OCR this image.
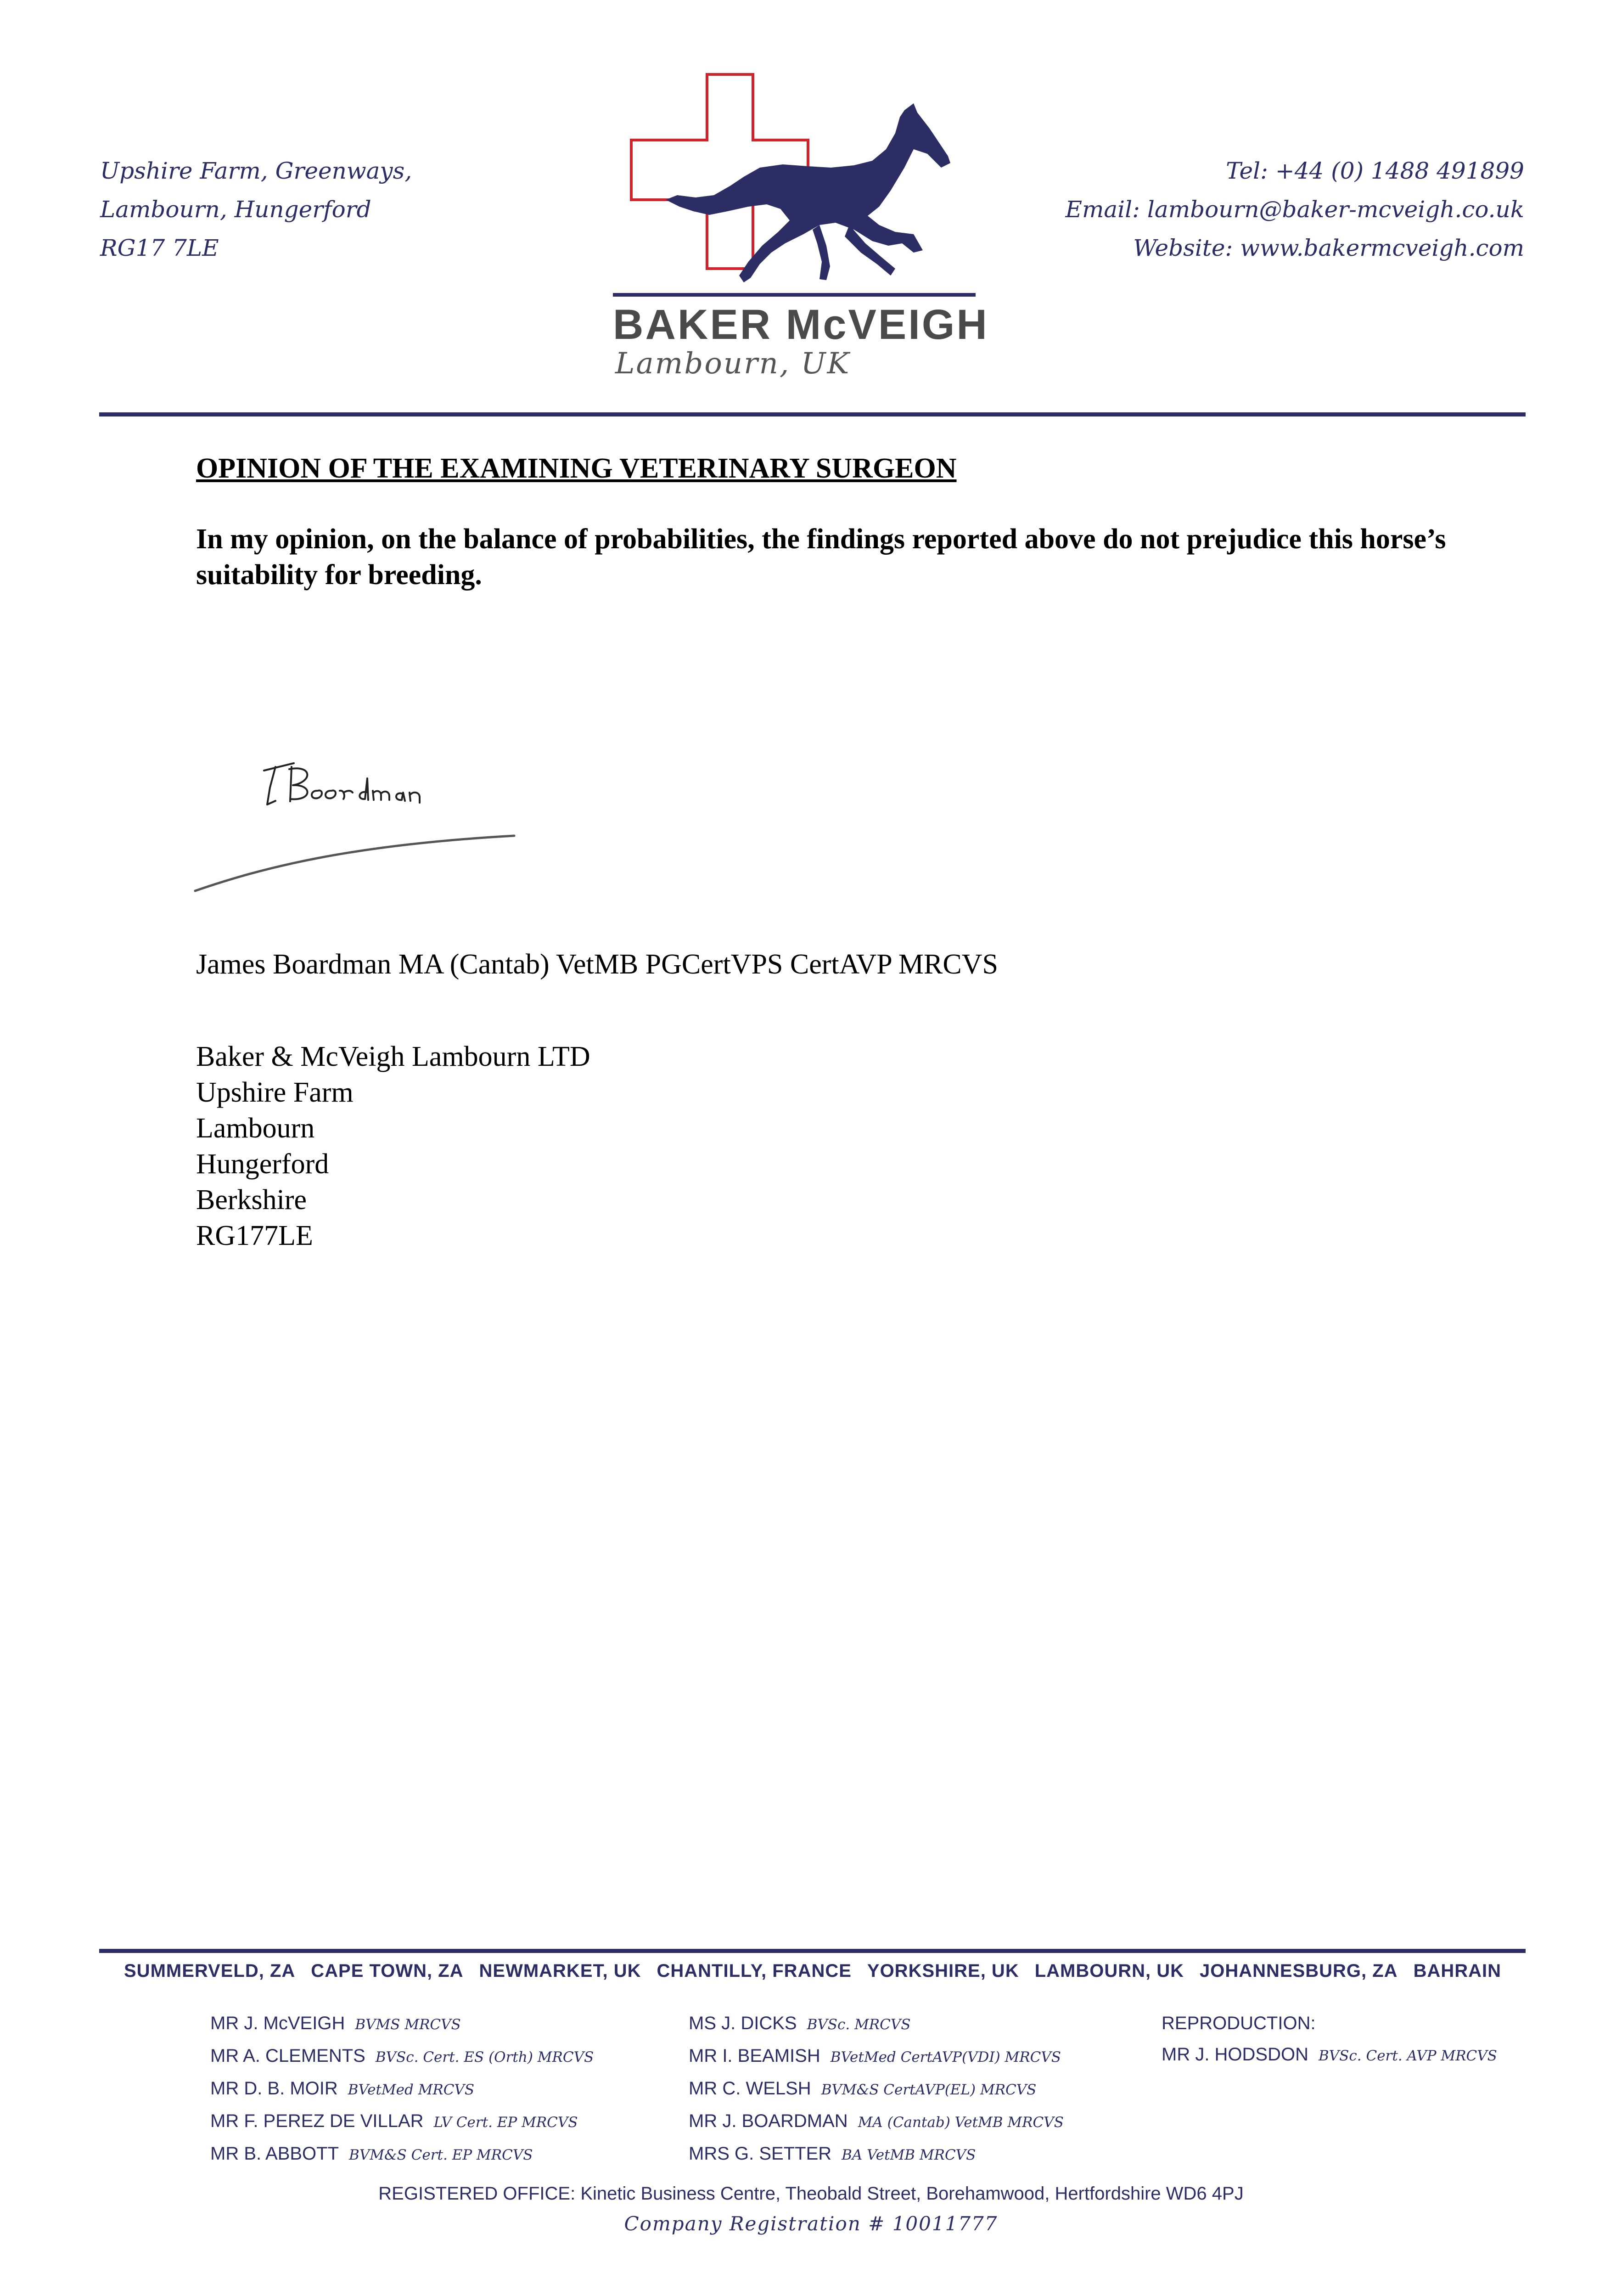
Upshire Farm, Greenways,
Lambourn, Hungerford
RG17 7LE
BAKER McVEIGH
Lambourn, UK
Tel: +44 (0) 1488 491899
Email: lambourn@baker-mcveigh.co.uk
Website: www.bakermcveigh.com
OPINION OF THE EXAMINING VETERINARY SURGEON
In my opinion, on the balance of probabilities, the findings reported above do not prejudice this horse’s suitability for breeding.
James Boardman MA (Cantab) VetMB PGCertVPS CertAVP MRCVS
Baker & McVeigh Lambourn LTD
Upshire Farm
Lambourn
Hungerford
Berkshire
RG177LE
SUMMERVELD, ZA CAPE TOWN, ZA NEWMARKET, UK CHANTILLY, FRANCE YORKSHIRE, UK LAMBOURN, UK JOHANNESBURG, ZA BAHRAIN
MR J. McVEIGH BVMS MRCVS
MR A. CLEMENTS BVSc. Cert. ES (Orth) MRCVS
MR D. B. MOIR BVetMed MRCVS
MR F. PEREZ DE VILLAR LV Cert. EP MRCVS
MR B. ABBOTT BVM&S Cert. EP MRCVS
MS J. DICKS BVSc. MRCVS
MR I. BEAMISH BVetMed CertAVP(VDI) MRCVS
MR C. WELSH BVM&S CertAVP(EL) MRCVS
MR J. BOARDMAN MA (Cantab) VetMB MRCVS
MRS G. SETTER BA VetMB MRCVS
REPRODUCTION:
MR J. HODSDON BVSc. Cert. AVP MRCVS
REGISTERED OFFICE: Kinetic Business Centre, Theobald Street, Borehamwood, Hertfordshire WD6 4PJ
Company Registration # 10011777
